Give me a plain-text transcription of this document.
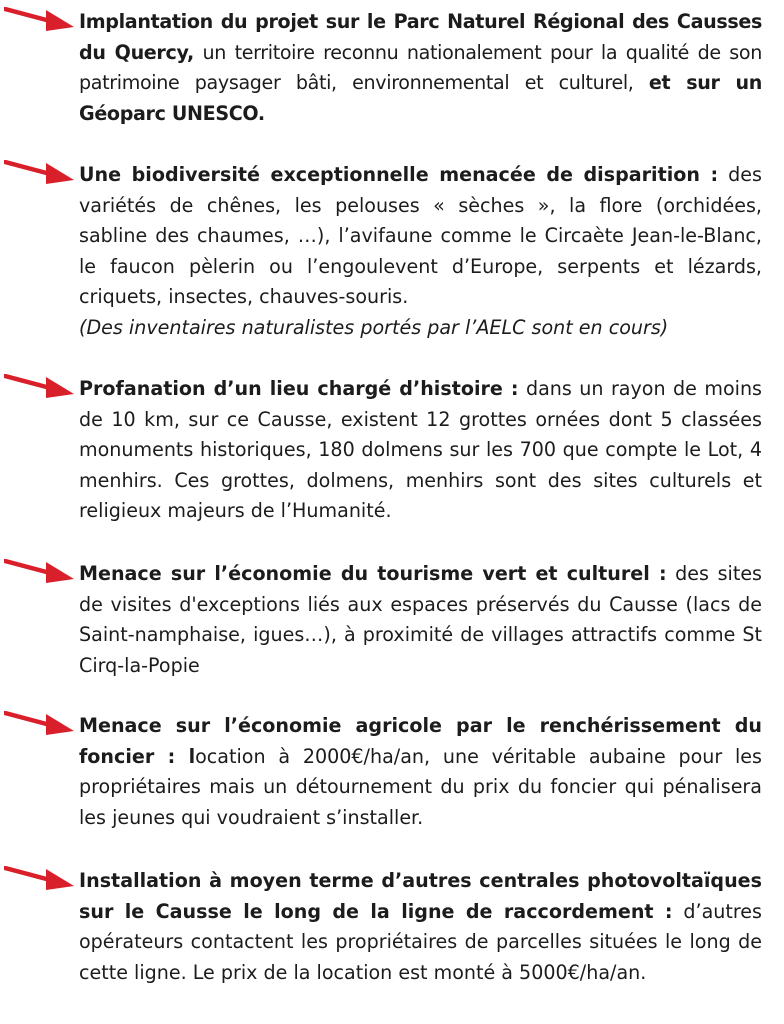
Implantation du projet sur le Parc Naturel Régional des Causses du Quercy, un territoire reconnu nationalement pour la qualité de son patrimoine paysager bâti, environnemental et culturel, et sur un Géoparc UNESCO.

Une biodiversité exceptionnelle menacée de disparition : des variétés de chênes, les pelouses « sèches », la flore (orchidées, sabline des chaumes, …), l’avifaune comme le Circaète Jean-le-Blanc, le faucon pèlerin ou l’engoulevent d’Europe, serpents et lézards, criquets, insectes, chauves-souris.
(Des inventaires naturalistes portés par l’AELC sont en cours)

Profanation d’un lieu chargé d’histoire : dans un rayon de moins de 10 km, sur ce Causse, existent 12 grottes ornées dont 5 classées monuments historiques, 180 dolmens sur les 700 que compte le Lot, 4 menhirs. Ces grottes, dolmens, menhirs sont des sites culturels et religieux majeurs de l’Humanité.

Menace sur l’économie du tourisme vert et culturel : des sites de visites d'exceptions liés aux espaces préservés du Causse (lacs de Saint-namphaise, igues…), à proximité de villages attractifs comme St Cirq-la-Popie

Menace sur l’économie agricole par le renchérissement du foncier : location à 2000€/ha/an, une véritable aubaine pour les propriétaires mais un détournement du prix du foncier qui pénalisera les jeunes qui voudraient s’installer.

Installation à moyen terme d’autres centrales photovoltaïques sur le Causse le long de la ligne de raccordement : d’autres opérateurs contactent les propriétaires de parcelles situées le long de cette ligne. Le prix de la location est monté à 5000€/ha/an.
